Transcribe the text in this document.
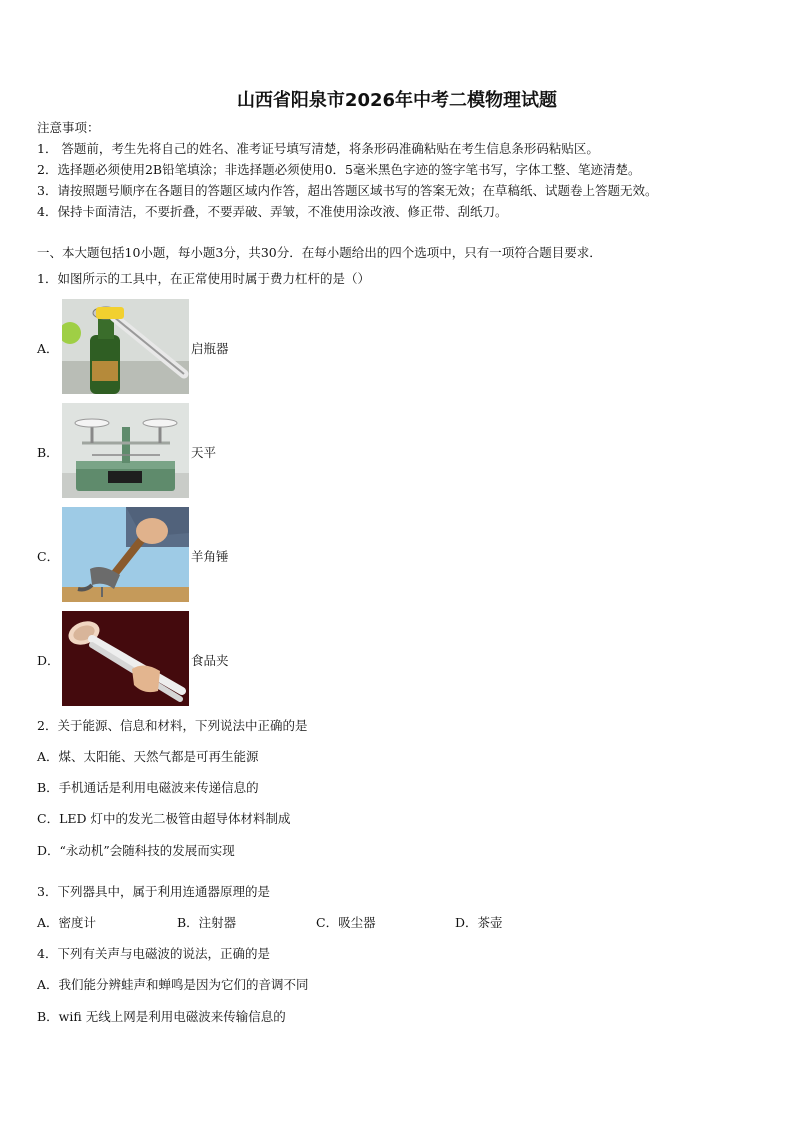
山西省阳泉市2026年中考二模物理试题
注意事项：
1． 答题前，考生先将自己的姓名、准考证号填写清楚，将条形码准确粘贴在考生信息条形码粘贴区。
2．选择题必须使用2B铅笔填涂；非选择题必须使用0．5毫米黑色字迹的签字笔书写，字体工整、笔迹清楚。
3．请按照题号顺序在各题目的答题区域内作答，超出答题区域书写的答案无效；在草稿纸、试题卷上答题无效。
4．保持卡面清洁，不要折叠，不要弄破、弄皱，不准使用涂改液、修正带、刮纸刀。
一、本大题包括10小题，每小题3分，共30分．在每小题给出的四个选项中，只有一项符合题目要求．
1．如图所示的工具中，在正常使用时属于费力杠杆的是（）
A．	启瓶器
B．	天平
C．	羊角锤
D．	食品夹
2．关于能源、信息和材料，下列说法中正确的是
A．煤、太阳能、天然气都是可再生能源
B．手机通话是利用电磁波来传递信息的
C．LED 灯中的发光二极管由超导体材料制成
D．“永动机”会随科技的发展而实现
3．下列器具中，属于利用连通器原理的是
A．密度计	B．注射器	C．吸尘器	D．茶壶
4．下列有关声与电磁波的说法，正确的是
A．我们能分辨蛙声和蝉鸣是因为它们的音调不同
B．wifi 无线上网是利用电磁波来传输信息的
